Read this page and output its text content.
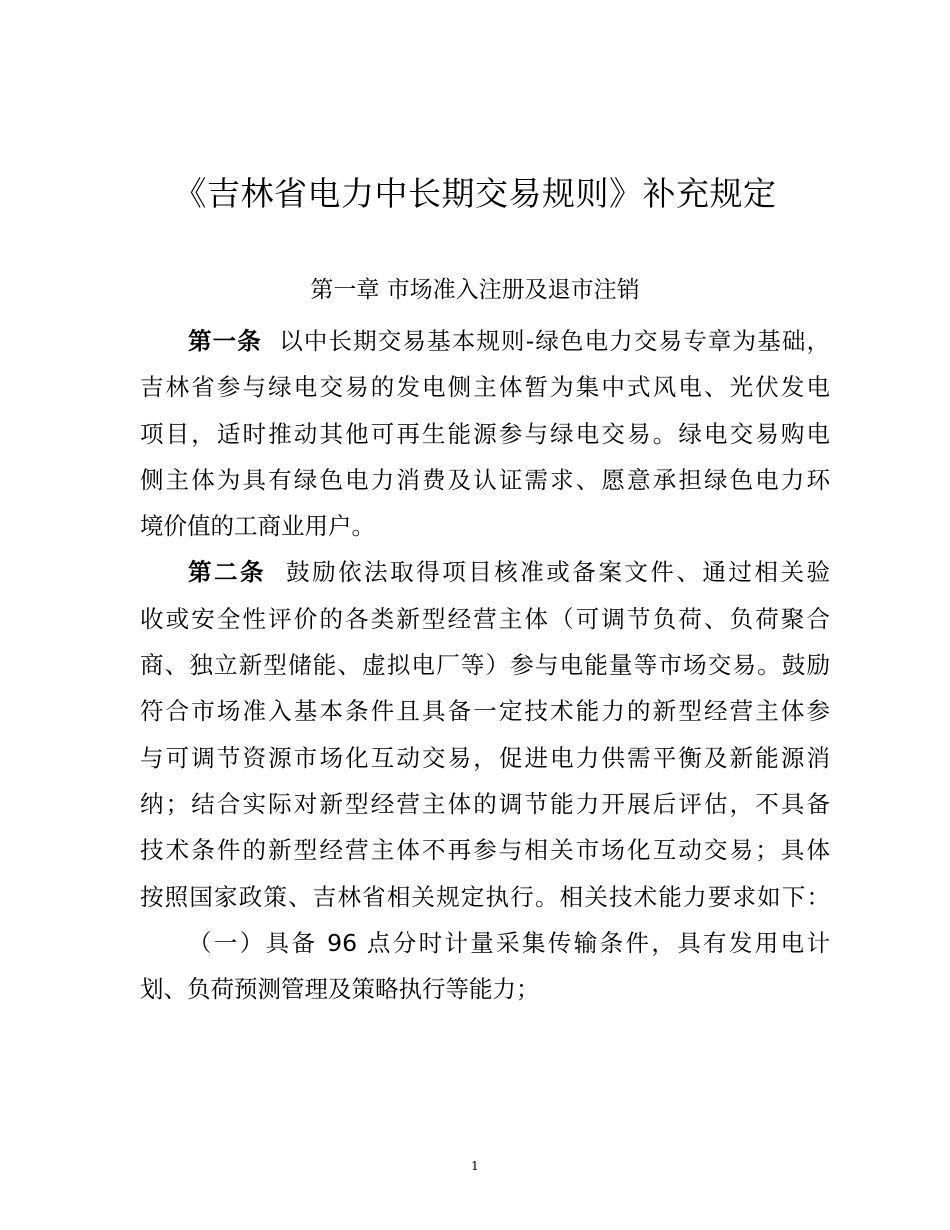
《吉林省电力中长期交易规则》补充规定
第一章 市场准入注册及退市注销
第一条 以中长期交易基本规则-绿色电力交易专章为基础，
吉林省参与绿电交易的发电侧主体暂为集中式风电、光伏发电
项目，适时推动其他可再生能源参与绿电交易。绿电交易购电
侧主体为具有绿色电力消费及认证需求、愿意承担绿色电力环
境价值的工商业用户。
第二条 鼓励依法取得项目核准或备案文件、通过相关验
收或安全性评价的各类新型经营主体（可调节负荷、负荷聚合
商、独立新型储能、虚拟电厂等）参与电能量等市场交易。鼓励
符合市场准入基本条件且具备一定技术能力的新型经营主体参
与可调节资源市场化互动交易，促进电力供需平衡及新能源消
纳；结合实际对新型经营主体的调节能力开展后评估，不具备
技术条件的新型经营主体不再参与相关市场化互动交易；具体
按照国家政策、吉林省相关规定执行。相关技术能力要求如下：
（一）具备 96 点分时计量采集传输条件，具有发用电计
划、负荷预测管理及策略执行等能力；
1
